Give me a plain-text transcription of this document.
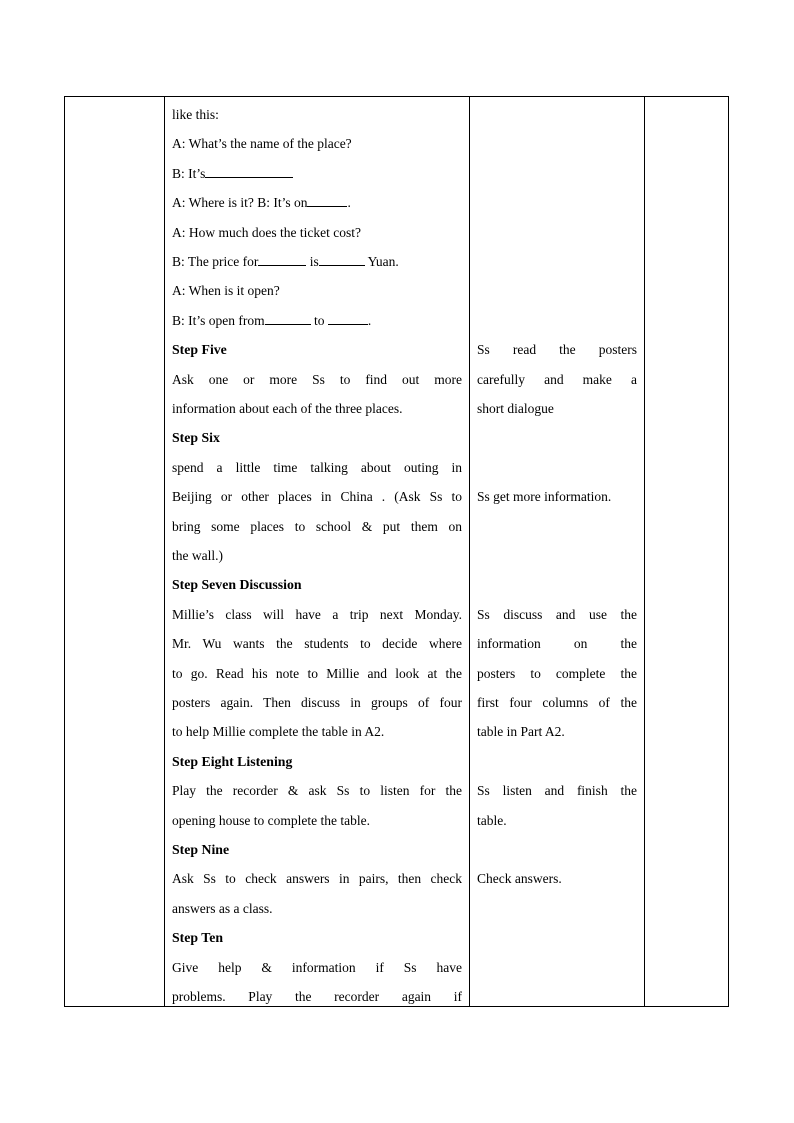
like this:
A: What’s the name of the place?
B: It’s
A: Where is it? B: It’s on	.
A: How much does the ticket cost?
B: The price for	is	Yuan.
A: When is it open?
B: It’s open from	to	.
Step Five
Ask one or more Ss to find out more
information about each of the three places.
Step Six
spend a little time talking about outing in
Beijing or other places in China . (Ask Ss to
bring some places to school & put them on
the wall.)
Step Seven Discussion
Millie’s class will have a trip next Monday.
Mr. Wu wants the students to decide where
to go. Read his note to Millie and look at the
posters again. Then discuss in groups of four
to help Millie complete the table in A2.
Step Eight Listening
Play the recorder & ask Ss to listen for the
opening house to complete the table.
Step Nine
Ask Ss to check answers in pairs, then check
answers as a class.
Step Ten
Give help & information if Ss have
problems. Play the recorder again if
Ss read the posters
carefully and make a
short dialogue
Ss get more information.
Ss discuss and use the
information on the
posters to complete the
first four columns of the
table in Part A2.
Ss listen and finish the
table.
Check answers.
